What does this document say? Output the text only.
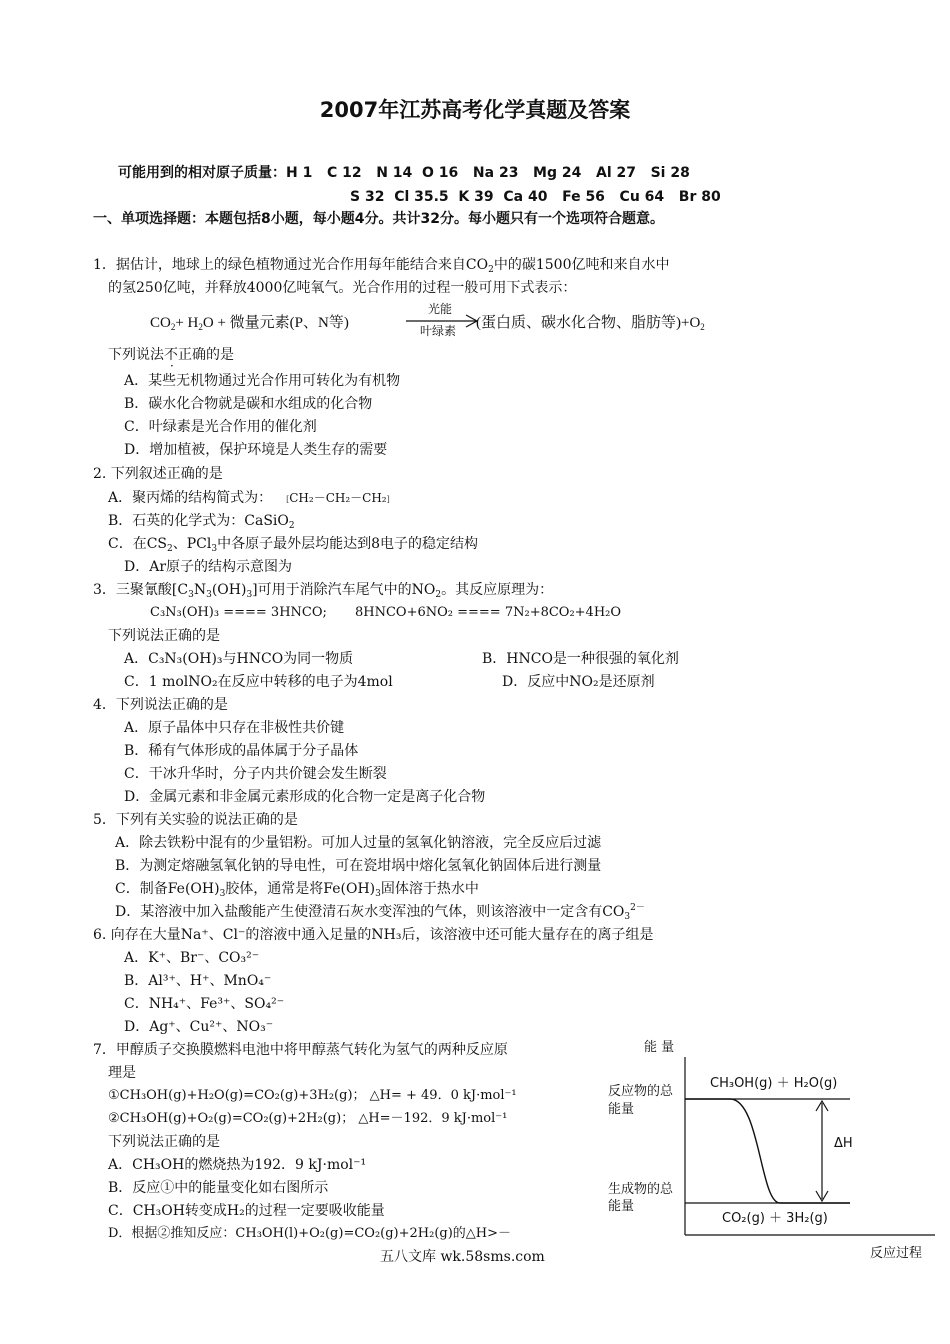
2007年江苏高考化学真题及答案
可能用到的相对原子质量：H 1   C 12   N 14  O 16   Na 23   Mg 24   Al 27   Si 28
S 32  Cl 35.5  K 39  Ca 40   Fe 56   Cu 64   Br 80
一、单项选择题：本题包括8小题，每小题4分。共计32分。每小题只有一个选项符合题意。
1．据估计，地球上的绿色植物通过光合作用每年能结合来自$CO_2$中的碳1500亿吨和来自水中
的氢250亿吨，并释放4000亿吨氧气。光合作用的过程一般可用下式表示：
$CO_2+ H_2O$ + 微量元素(P、N等)
光能
叶绿素 (蛋白质、碳水化合物、脂肪等)$+O_2$
下列说法不正确的是
A．某些无机物通过光合作用可转化为有机物
B．碳水化合物就是碳和水组成的化合物
C．叶绿素是光合作用的催化剂
D．增加植被，保护环境是人类生存的需要
2. 下列叙述正确的是
A．聚丙烯的结构简式为： [CH₂－CH₂－CH₂]
B．石英的化学式为：CaSiO$_2$
C．在$CS_2$、PCl$_3$中各原子最外层均能达到8电子的稳定结构
D．Ar原子的结构示意图为
3．三聚氰酸$[C_3N_3(OH)_3]$可用于消除汽车尾气中的$NO_2$。其反应原理为：
C₃N₃(OH)₃ ==== 3HNCO; 8HNCO+6NO₂ ==== 7N₂+8CO₂+4H₂O
下列说法正确的是
A．C₃N₃(OH)₃与HNCO为同一物质	B．HNCO是一种很强的氧化剂
C．1 molNO₂在反应中转移的电子为4mol	D．反应中NO₂是还原剂
4．下列说法正确的是
A．原子晶体中只存在非极性共价键
B．稀有气体形成的晶体属于分子晶体
C．干冰升华时，分子内共价键会发生断裂
D．金属元素和非金属元素形成的化合物一定是离子化合物
5．下列有关实验的说法正确的是
A．除去铁粉中混有的少量铝粉。可加人过量的氢氧化钠溶液，完全反应后过滤
B．为测定熔融氢氧化钠的导电性，可在瓷坩埚中熔化氢氧化钠固体后进行测量
C．制备$Fe(OH)_3$胶体，通常是将$Fe(OH)_3$固体溶于热水中
D．某溶液中加入盐酸能产生使澄清石灰水变浑浊的气体，则该溶液中一定含有$CO_3^{2-}$
6. 向存在大量Na⁺、Cl⁻的溶液中通入足量的NH₃后，该溶液中还可能大量存在的离子组是
A．K⁺、Br⁻、CO₃²⁻
B．Al³⁺、H⁺、MnO₄⁻
C．NH₄⁺、Fe³⁺、SO₄²⁻
D．Ag⁺、Cu²⁺、NO₃⁻
7．甲醇质子交换膜燃料电池中将甲醇蒸气转化为氢气的两种反应原
理是
①CH₃OH(g)+H₂O(g)=CO₂(g)+3H₂(g)； △H= + 49．0 kJ·mol⁻¹
②CH₃OH(g)+O₂(g)=CO₂(g)+2H₂(g)； △H=－192．9 kJ·mol⁻¹
下列说法正确的是
A．CH₃OH的燃烧热为192．9 kJ·mol⁻¹
B．反应①中的能量变化如右图所示
C．CH₃OH转变成H₂的过程一定要吸收能量
D．根据②推知反应：CH₃OH(l)+O₂(g)=CO₂(g)+2H₂(g)的△H>－
能 量
反应物的总
能量
生成物的总
能量
CH₃OH(g) ＋ H₂O(g)
CO₂(g) ＋ 3H₂(g)
ΔH
反应过程
五八文库 wk.58sms.com
